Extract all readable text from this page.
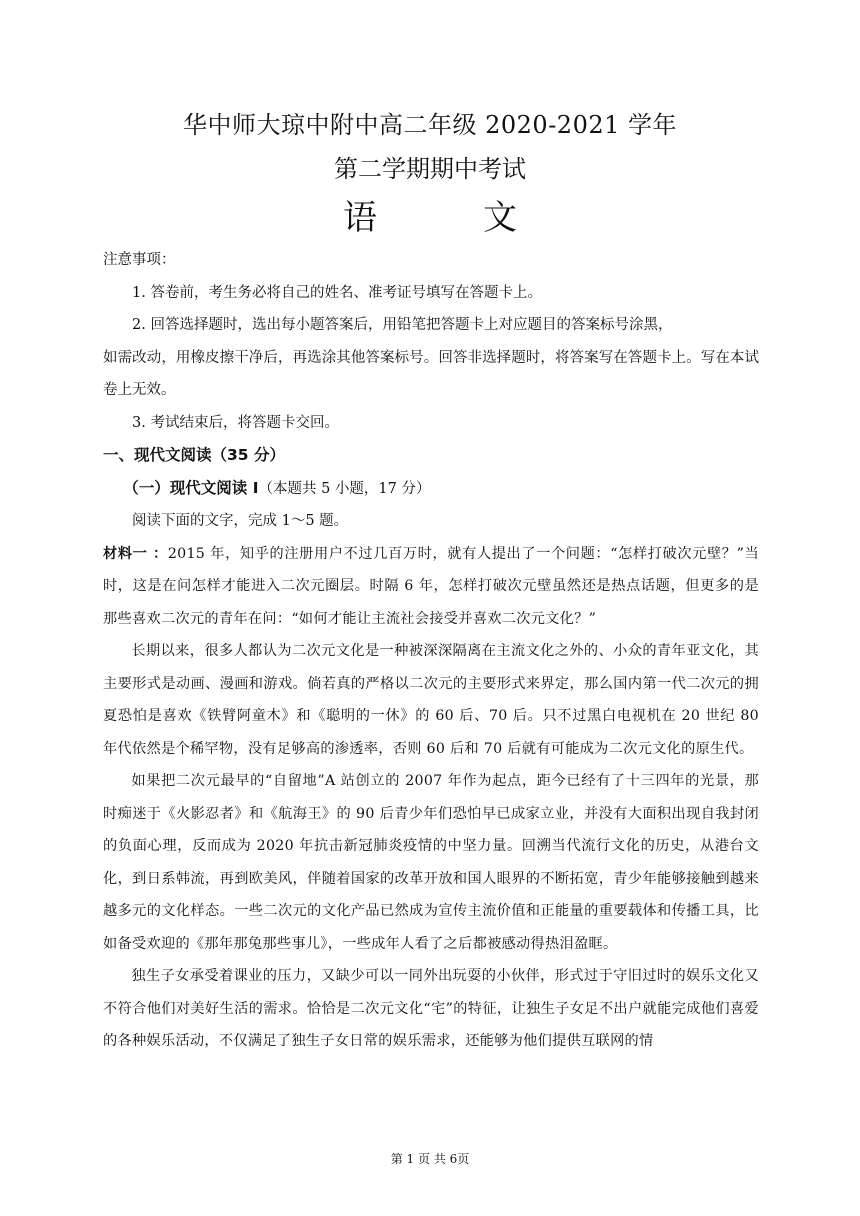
华中师大琼中附中高二年级 2020-2021 学年
第二学期期中考试
语　文

注意事项：

1. 答卷前，考生务必将自己的姓名、准考证号填写在答题卡上。

2. 回答选择题时，选出每小题答案后，用铅笔把答题卡上对应题目的答案标号涂黑，

如需改动，用橡皮擦干净后，再选涂其他答案标号。回答非选择题时，将答案写在答题卡上。写在本试卷上无效。

3. 考试结束后，将答题卡交回。

一、现代文阅读（35 分）

（一）现代文阅读 I（本题共 5 小题，17 分）

阅读下面的文字，完成 1～5 题。

材料一 ：2015 年，知乎的注册用户不过几百万时，就有人提出了一个问题：“怎样打破次元壁？”当时，这是在问怎样才能进入二次元圈层。时隔 6 年，怎样打破次元壁虽然还是热点话题，但更多的是那些喜欢二次元的青年在问：“如何才能让主流社会接受并喜欢二次元文化？”

长期以来，很多人都认为二次元文化是一种被深深隔离在主流文化之外的、小众的青年亚文化，其主要形式是动画、漫画和游戏。倘若真的严格以二次元的主要形式来界定，那么国内第一代二次元的拥夏恐怕是喜欢《铁臂阿童木》和《聪明的一休》的 60 后、70 后。只不过黑白电视机在 20 世纪 80 年代依然是个稀罕物，没有足够高的渗透率，否则 60 后和 70 后就有可能成为二次元文化的原生代。

如果把二次元最早的“自留地”A 站创立的 2007 年作为起点，距今已经有了十三四年的光景，那时痴迷于《火影忍者》和《航海王》的 90 后青少年们恐怕早已成家立业，并没有大面积出现自我封闭的负面心理，反而成为 2020 年抗击新冠肺炎疫情的中坚力量。回溯当代流行文化的历史，从港台文化，到日系韩流，再到欧美风，伴随着国家的改革开放和国人眼界的不断拓宽，青少年能够接触到越来越多元的文化样态。一些二次元的文化产品已然成为宣传主流价值和正能量的重要载体和传播工具，比如备受欢迎的《那年那兔那些事儿》，一些成年人看了之后都被感动得热泪盈眶。

独生子女承受着课业的压力，又缺少可以一同外出玩耍的小伙伴，形式过于守旧过时的娱乐文化又不符合他们对美好生活的需求。恰恰是二次元文化“宅”的特征，让独生子女足不出户就能完成他们喜爱的各种娱乐活动，不仅满足了独生子女日常的娱乐需求，还能够为他们提供互联网的情

第 1 页 共 6页
